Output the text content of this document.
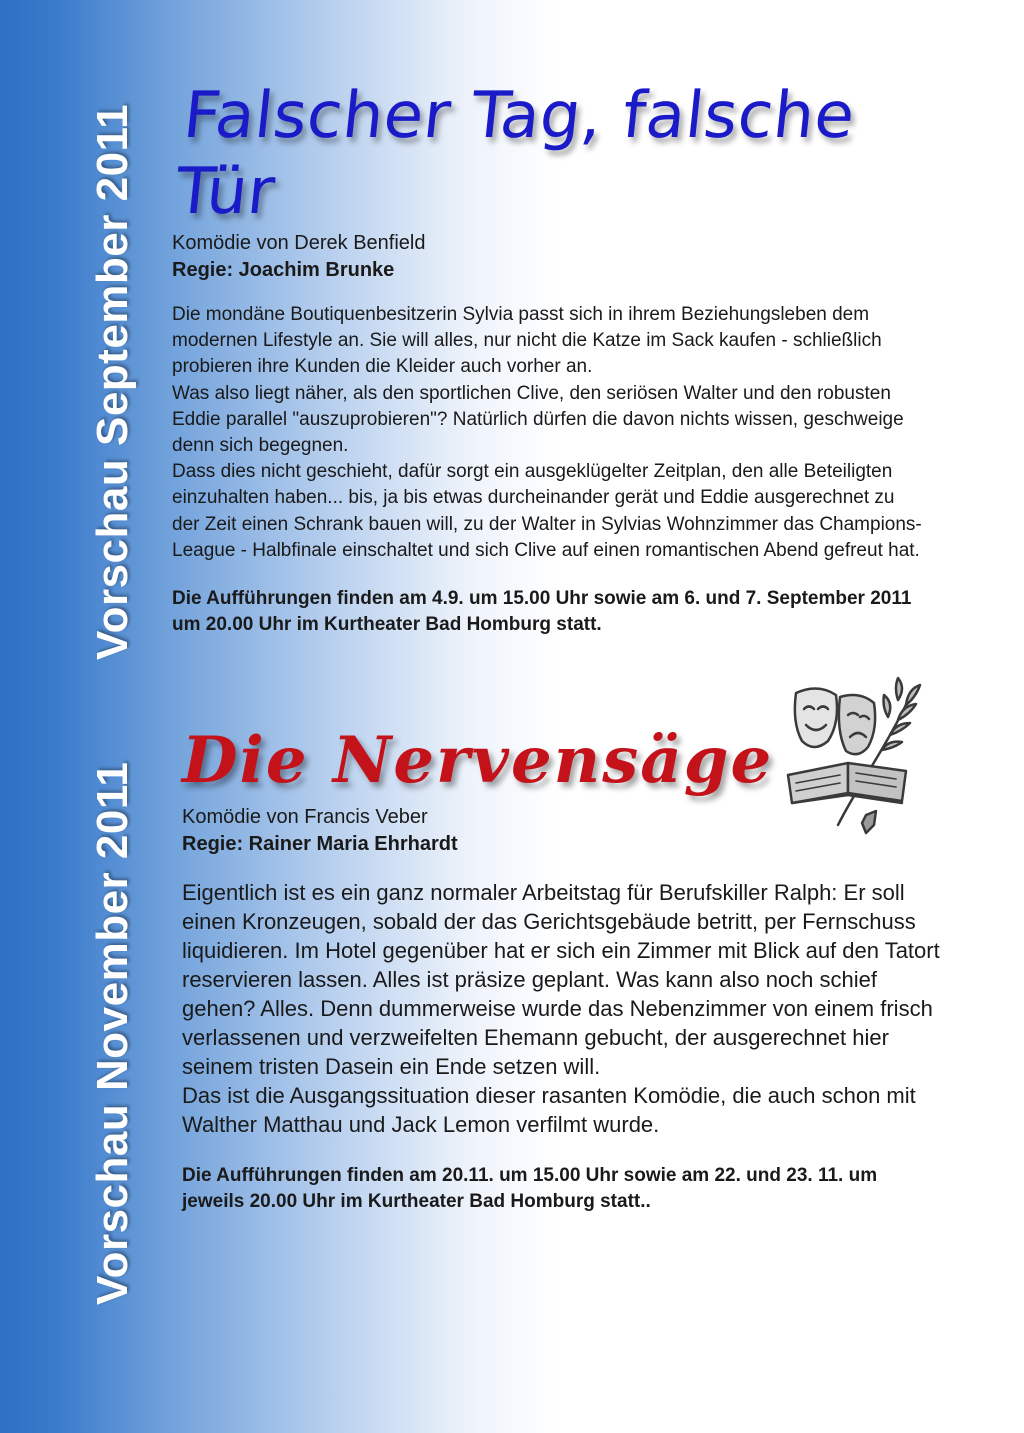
Vorschau September 2011
Vorschau November 2011
Falscher Tag, falsche Tür

Komödie von Derek Benfield

Regie: Joachim Brunke

Die mondäne Boutiquenbesitzerin Sylvia passt sich in ihrem Beziehungsleben dem modernen Lifestyle an. Sie will alles, nur nicht die Katze im Sack kaufen - schließlich probieren ihre Kunden die Kleider auch vorher an.

Was also liegt näher, als den sportlichen Clive, den seriösen Walter und den robusten Eddie parallel "auszuprobieren"? Natürlich dürfen die davon nichts wissen, geschweige denn sich begegnen.

Dass dies nicht geschieht, dafür sorgt ein ausgeklügelter Zeitplan, den alle Beteiligten einzuhalten haben... bis, ja bis etwas durcheinander gerät und Eddie ausgerechnet zu der Zeit einen Schrank bauen will, zu der Walter in Sylvias Wohnzimmer das Champions-League - Halbfinale einschaltet und sich Clive auf einen romantischen Abend gefreut hat.

Die Aufführungen finden am 4.9. um 15.00 Uhr sowie am 6. und 7. September 2011 um 20.00 Uhr im Kurtheater Bad Homburg statt.

Die Nervensäge

Komödie von Francis Veber

Regie: Rainer Maria Ehrhardt

Eigentlich ist es ein ganz normaler Arbeitstag für Berufskiller Ralph: Er soll einen Kronzeugen, sobald der das Gerichtsgebäude betritt, per Fernschuss liquidieren. Im Hotel gegenüber hat er sich ein Zimmer mit Blick auf den Tatort reservieren lassen. Alles ist präsize geplant. Was kann also noch schief gehen? Alles. Denn dummerweise wurde das Nebenzimmer von einem frisch verlassenen und verzweifelten Ehemann gebucht, der ausgerechnet hier seinem tristen Dasein ein Ende setzen will.

Das ist die Ausgangssituation dieser rasanten Komödie, die auch schon mit Walther Matthau und Jack Lemon verfilmt wurde.

Die Aufführungen finden am 20.11. um 15.00 Uhr sowie am 22. und 23. 11. um jeweils 20.00 Uhr im Kurtheater Bad Homburg statt..
